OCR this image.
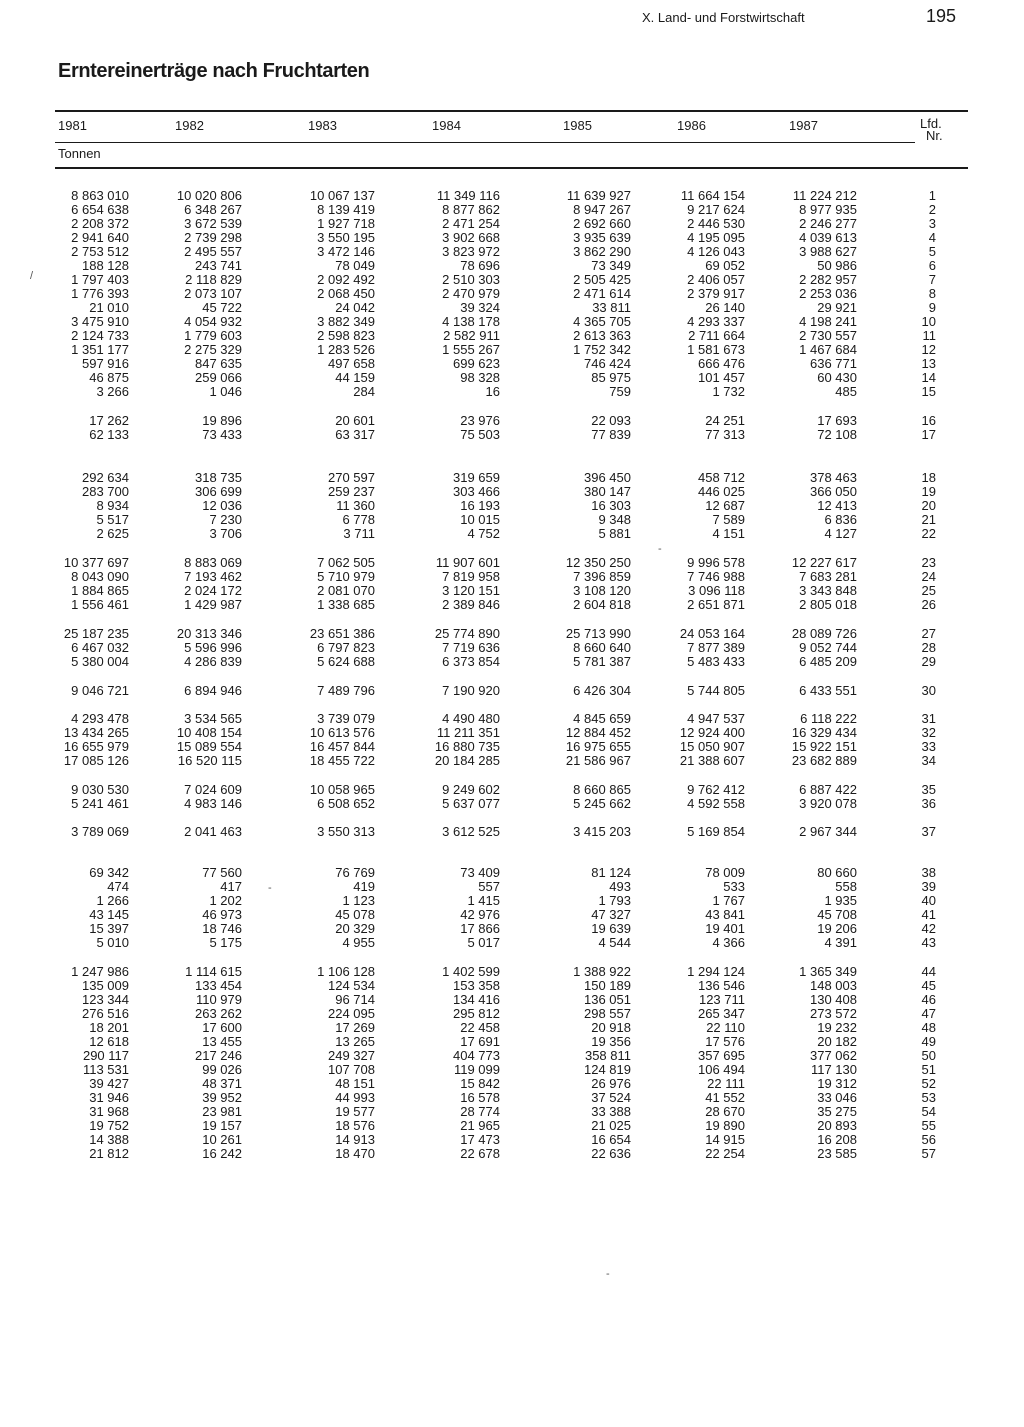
X. Land- und Forstwirtschaft	195
Erntereinerträge nach Fruchtarten
1981	1982	1983	1984	1985	1986	1987	Lfd.
Nr.
Tonnen
8 863 010	10 020 806	10 067 137	11 349 116	11 639 927	11 664 154	11 224 212	1
6 654 638	6 348 267	8 139 419	8 877 862	8 947 267	9 217 624	8 977 935	2
2 208 372	3 672 539	1 927 718	2 471 254	2 692 660	2 446 530	2 246 277	3
2 941 640	2 739 298	3 550 195	3 902 668	3 935 639	4 195 095	4 039 613	4
2 753 512	2 495 557	3 472 146	3 823 972	3 862 290	4 126 043	3 988 627	5
188 128	243 741	78 049	78 696	73 349	69 052	50 986	6
1 797 403	2 118 829	2 092 492	2 510 303	2 505 425	2 406 057	2 282 957	7
1 776 393	2 073 107	2 068 450	2 470 979	2 471 614	2 379 917	2 253 036	8
21 010	45 722	24 042	39 324	33 811	26 140	29 921	9
3 475 910	4 054 932	3 882 349	4 138 178	4 365 705	4 293 337	4 198 241	10
2 124 733	1 779 603	2 598 823	2 582 911	2 613 363	2 711 664	2 730 557	11
1 351 177	2 275 329	1 283 526	1 555 267	1 752 342	1 581 673	1 467 684	12
597 916	847 635	497 658	699 623	746 424	666 476	636 771	13
46 875	259 066	44 159	98 328	85 975	101 457	60 430	14
3 266	1 046	284	16	759	1 732	485	15
17 262	19 896	20 601	23 976	22 093	24 251	17 693	16
62 133	73 433	63 317	75 503	77 839	77 313	72 108	17
292 634	318 735	270 597	319 659	396 450	458 712	378 463	18
283 700	306 699	259 237	303 466	380 147	446 025	366 050	19
8 934	12 036	11 360	16 193	16 303	12 687	12 413	20
5 517	7 230	6 778	10 015	9 348	7 589	6 836	21
2 625	3 706	3 711	4 752	5 881	4 151	4 127	22
10 377 697	8 883 069	7 062 505	11 907 601	12 350 250	9 996 578	12 227 617	23
8 043 090	7 193 462	5 710 979	7 819 958	7 396 859	7 746 988	7 683 281	24
1 884 865	2 024 172	2 081 070	3 120 151	3 108 120	3 096 118	3 343 848	25
1 556 461	1 429 987	1 338 685	2 389 846	2 604 818	2 651 871	2 805 018	26
25 187 235	20 313 346	23 651 386	25 774 890	25 713 990	24 053 164	28 089 726	27
6 467 032	5 596 996	6 797 823	7 719 636	8 660 640	7 877 389	9 052 744	28
5 380 004	4 286 839	5 624 688	6 373 854	5 781 387	5 483 433	6 485 209	29
9 046 721	6 894 946	7 489 796	7 190 920	6 426 304	5 744 805	6 433 551	30
4 293 478	3 534 565	3 739 079	4 490 480	4 845 659	4 947 537	6 118 222	31
13 434 265	10 408 154	10 613 576	11 211 351	12 884 452	12 924 400	16 329 434	32
16 655 979	15 089 554	16 457 844	16 880 735	16 975 655	15 050 907	15 922 151	33
17 085 126	16 520 115	18 455 722	20 184 285	21 586 967	21 388 607	23 682 889	34
9 030 530	7 024 609	10 058 965	9 249 602	8 660 865	9 762 412	6 887 422	35
5 241 461	4 983 146	6 508 652	5 637 077	5 245 662	4 592 558	3 920 078	36
3 789 069	2 041 463	3 550 313	3 612 525	3 415 203	5 169 854	2 967 344	37
69 342	77 560	76 769	73 409	81 124	78 009	80 660	38
474	417	419	557	493	533	558	39
1 266	1 202	1 123	1 415	1 793	1 767	1 935	40
43 145	46 973	45 078	42 976	47 327	43 841	45 708	41
15 397	18 746	20 329	17 866	19 639	19 401	19 206	42
5 010	5 175	4 955	5 017	4 544	4 366	4 391	43
1 247 986	1 114 615	1 106 128	1 402 599	1 388 922	1 294 124	1 365 349	44
135 009	133 454	124 534	153 358	150 189	136 546	148 003	45
123 344	110 979	96 714	134 416	136 051	123 711	130 408	46
276 516	263 262	224 095	295 812	298 557	265 347	273 572	47
18 201	17 600	17 269	22 458	20 918	22 110	19 232	48
12 618	13 455	13 265	17 691	19 356	17 576	20 182	49
290 117	217 246	249 327	404 773	358 811	357 695	377 062	50
113 531	99 026	107 708	119 099	124 819	106 494	117 130	51
39 427	48 371	48 151	15 842	26 976	22 111	19 312	52
31 946	39 952	44 993	16 578	37 524	41 552	33 046	53
31 968	23 981	19 577	28 774	33 388	28 670	35 275	54
19 752	19 157	18 576	21 965	21 025	19 890	20 893	55
14 388	10 261	14 913	17 473	16 654	14 915	16 208	56
21 812	16 242	18 470	22 678	22 636	22 254	23 585	57
/
-
-
-
